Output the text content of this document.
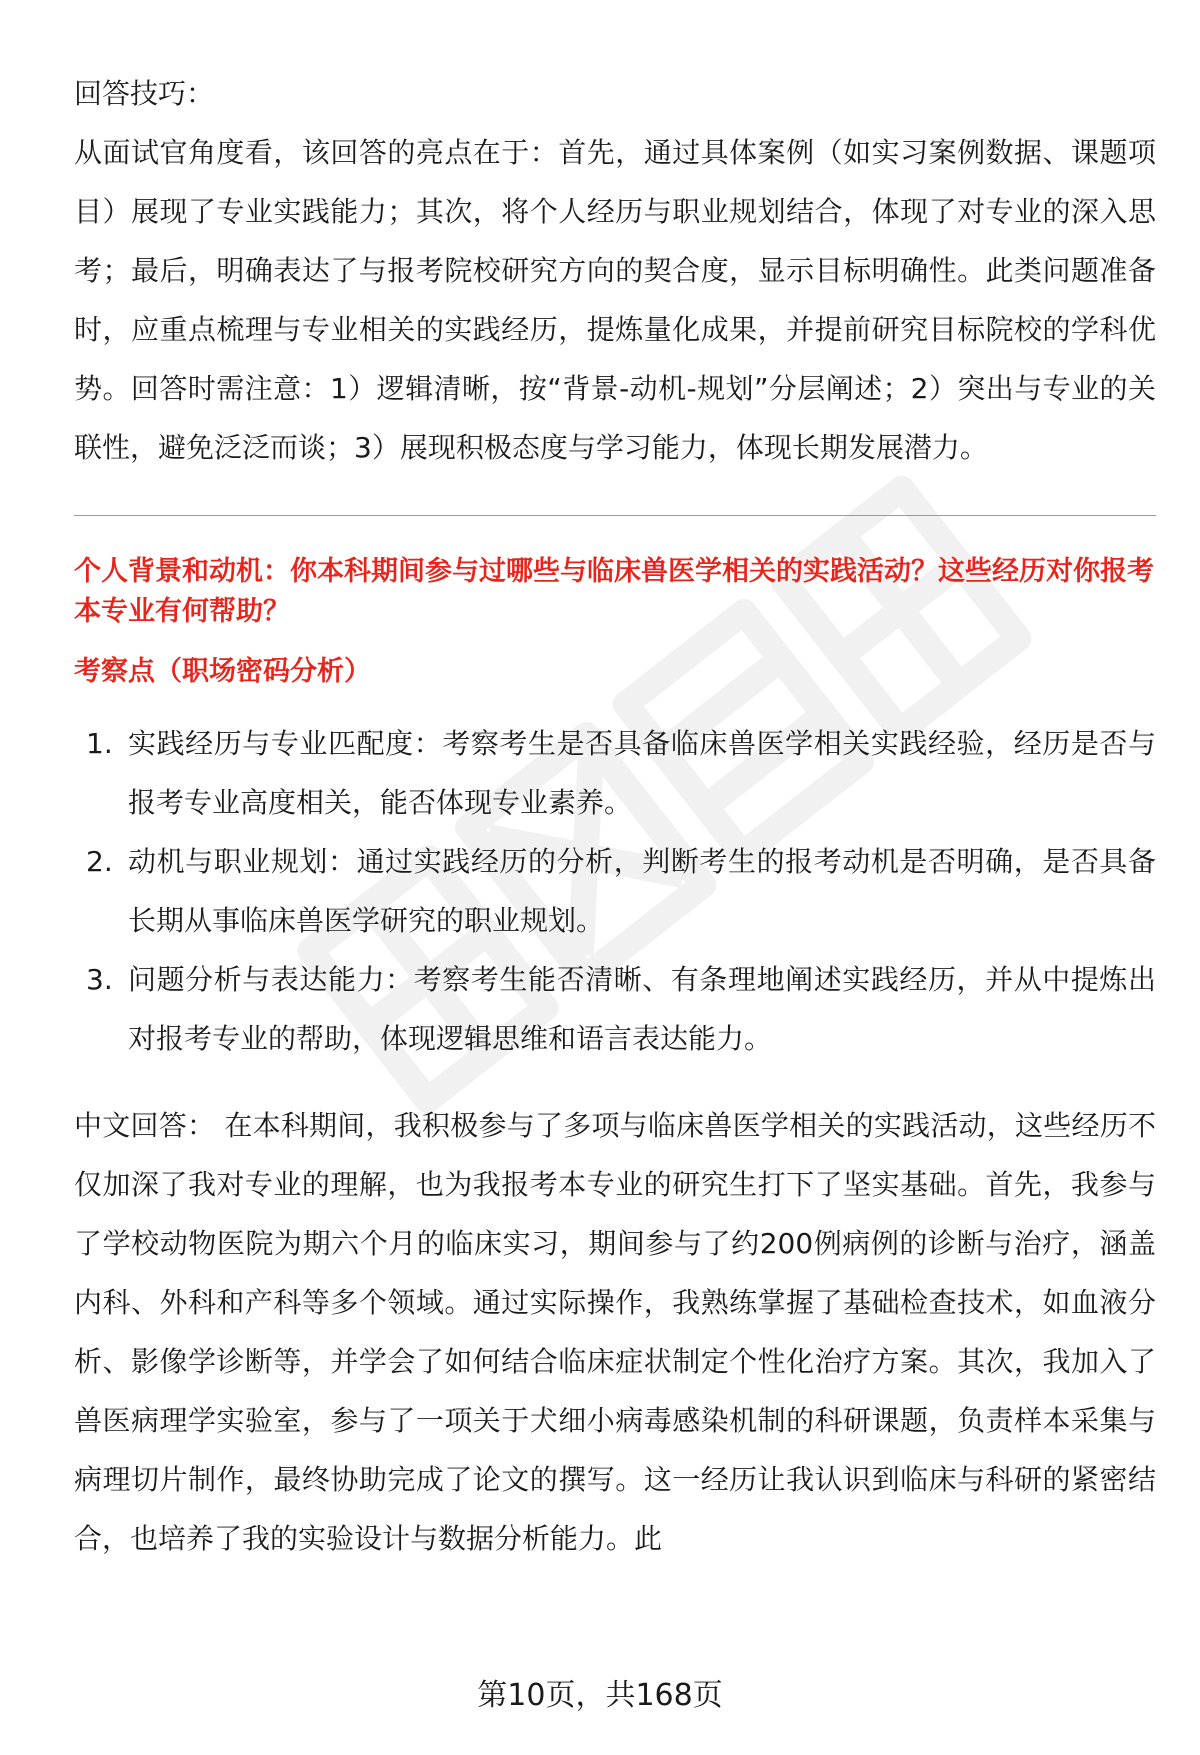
回答技巧：

从面试官角度看，该回答的亮点在于：首先，通过具体案例（如实习案例数据、课题项目）展现了专业实践能力；其次，将个人经历与职业规划结合，体现了对专业的深入思考；最后，明确表达了与报考院校研究方向的契合度，显示目标明确性。此类问题准备时，应重点梳理与专业相关的实践经历，提炼量化成果，并提前研究目标院校的学科优势。回答时需注意：1）逻辑清晰，按“背景-动机-规划”分层阐述；2）突出与专业的关联性，避免泛泛而谈；3）展现积极态度与学习能力，体现长期发展潜力。

个人背景和动机：你本科期间参与过哪些与临床兽医学相关的实践活动？这些经历对你报考本专业有何帮助？

考察点（职场密码分析）

1. 实践经历与专业匹配度：考察考生是否具备临床兽医学相关实践经验，经历是否与报考专业高度相关，能否体现专业素养。
2. 动机与职业规划：通过实践经历的分析，判断考生的报考动机是否明确，是否具备长期从事临床兽医学研究的职业规划。
3. 问题分析与表达能力：考察考生能否清晰、有条理地阐述实践经历，并从中提炼出对报考专业的帮助，体现逻辑思维和语言表达能力。

中文回答： 在本科期间，我积极参与了多项与临床兽医学相关的实践活动，这些经历不仅加深了我对专业的理解，也为我报考本专业的研究生打下了坚实基础。首先，我参与了学校动物医院为期六个月的临床实习，期间参与了约200例病例的诊断与治疗，涵盖内科、外科和产科等多个领域。通过实际操作，我熟练掌握了基础检查技术，如血液分析、影像学诊断等，并学会了如何结合临床症状制定个性化治疗方案。其次，我加入了兽医病理学实验室，参与了一项关于犬细小病毒感染机制的科研课题，负责样本采集与病理切片制作，最终协助完成了论文的撰写。这一经历让我认识到临床与科研的紧密结合，也培养了我的实验设计与数据分析能力。此

第10页，共168页
